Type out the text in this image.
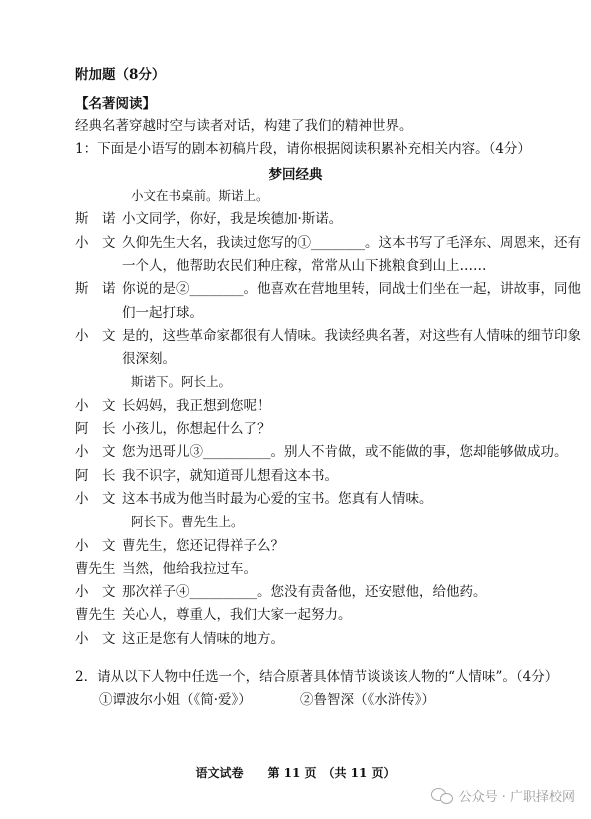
附加题（8分）
【名著阅读】
经典名著穿越时空与读者对话，构建了我们的精神世界。
1：下面是小语写的剧本初稿片段，请你根据阅读积累补充相关内容。（4分）
梦回经典
小文在书桌前。斯诺上。
斯　诺 小文同学，你好，我是埃德加·斯诺。
小　文 久仰先生大名，我读过您写的①________。这本书写了毛泽东、周恩来，还有
一个人，他帮助农民们种庄稼，常常从山下挑粮食到山上……
斯　诺 你说的是②________。他喜欢在营地里转，同战士们坐在一起，讲故事，同他
们一起打球。
小　文 是的，这些革命家都很有人情味。我读经典名著，对这些有人情味的细节印象
很深刻。
斯诺下。阿长上。
小　文 长妈妈，我正想到您呢！
阿　长 小孩儿，你想起什么了？
小　文 您为迅哥儿③__________。别人不肯做，或不能做的事，您却能够做成功。
阿　长 我不识字，就知道哥儿想看这本书。
小　文 这本书成为他当时最为心爱的宝书。您真有人情味。
阿长下。曹先生上。
小　文 曹先生，您还记得祥子么？
曹先生 当然，他给我拉过车。
小　文 那次祥子④__________。您没有责备他，还安慰他，给他药。
曹先生 关心人，尊重人，我们大家一起努力。
小　文 这正是您有人情味的地方。
2．请从以下人物中任选一个，结合原著具体情节谈谈该人物的“人情味”。（4分）
①谭波尔小姐（《简·爱》）	②鲁智深（《水浒传》）
语文试卷　　第 11 页　（共 11 页）
公众号 · 广职择校网
